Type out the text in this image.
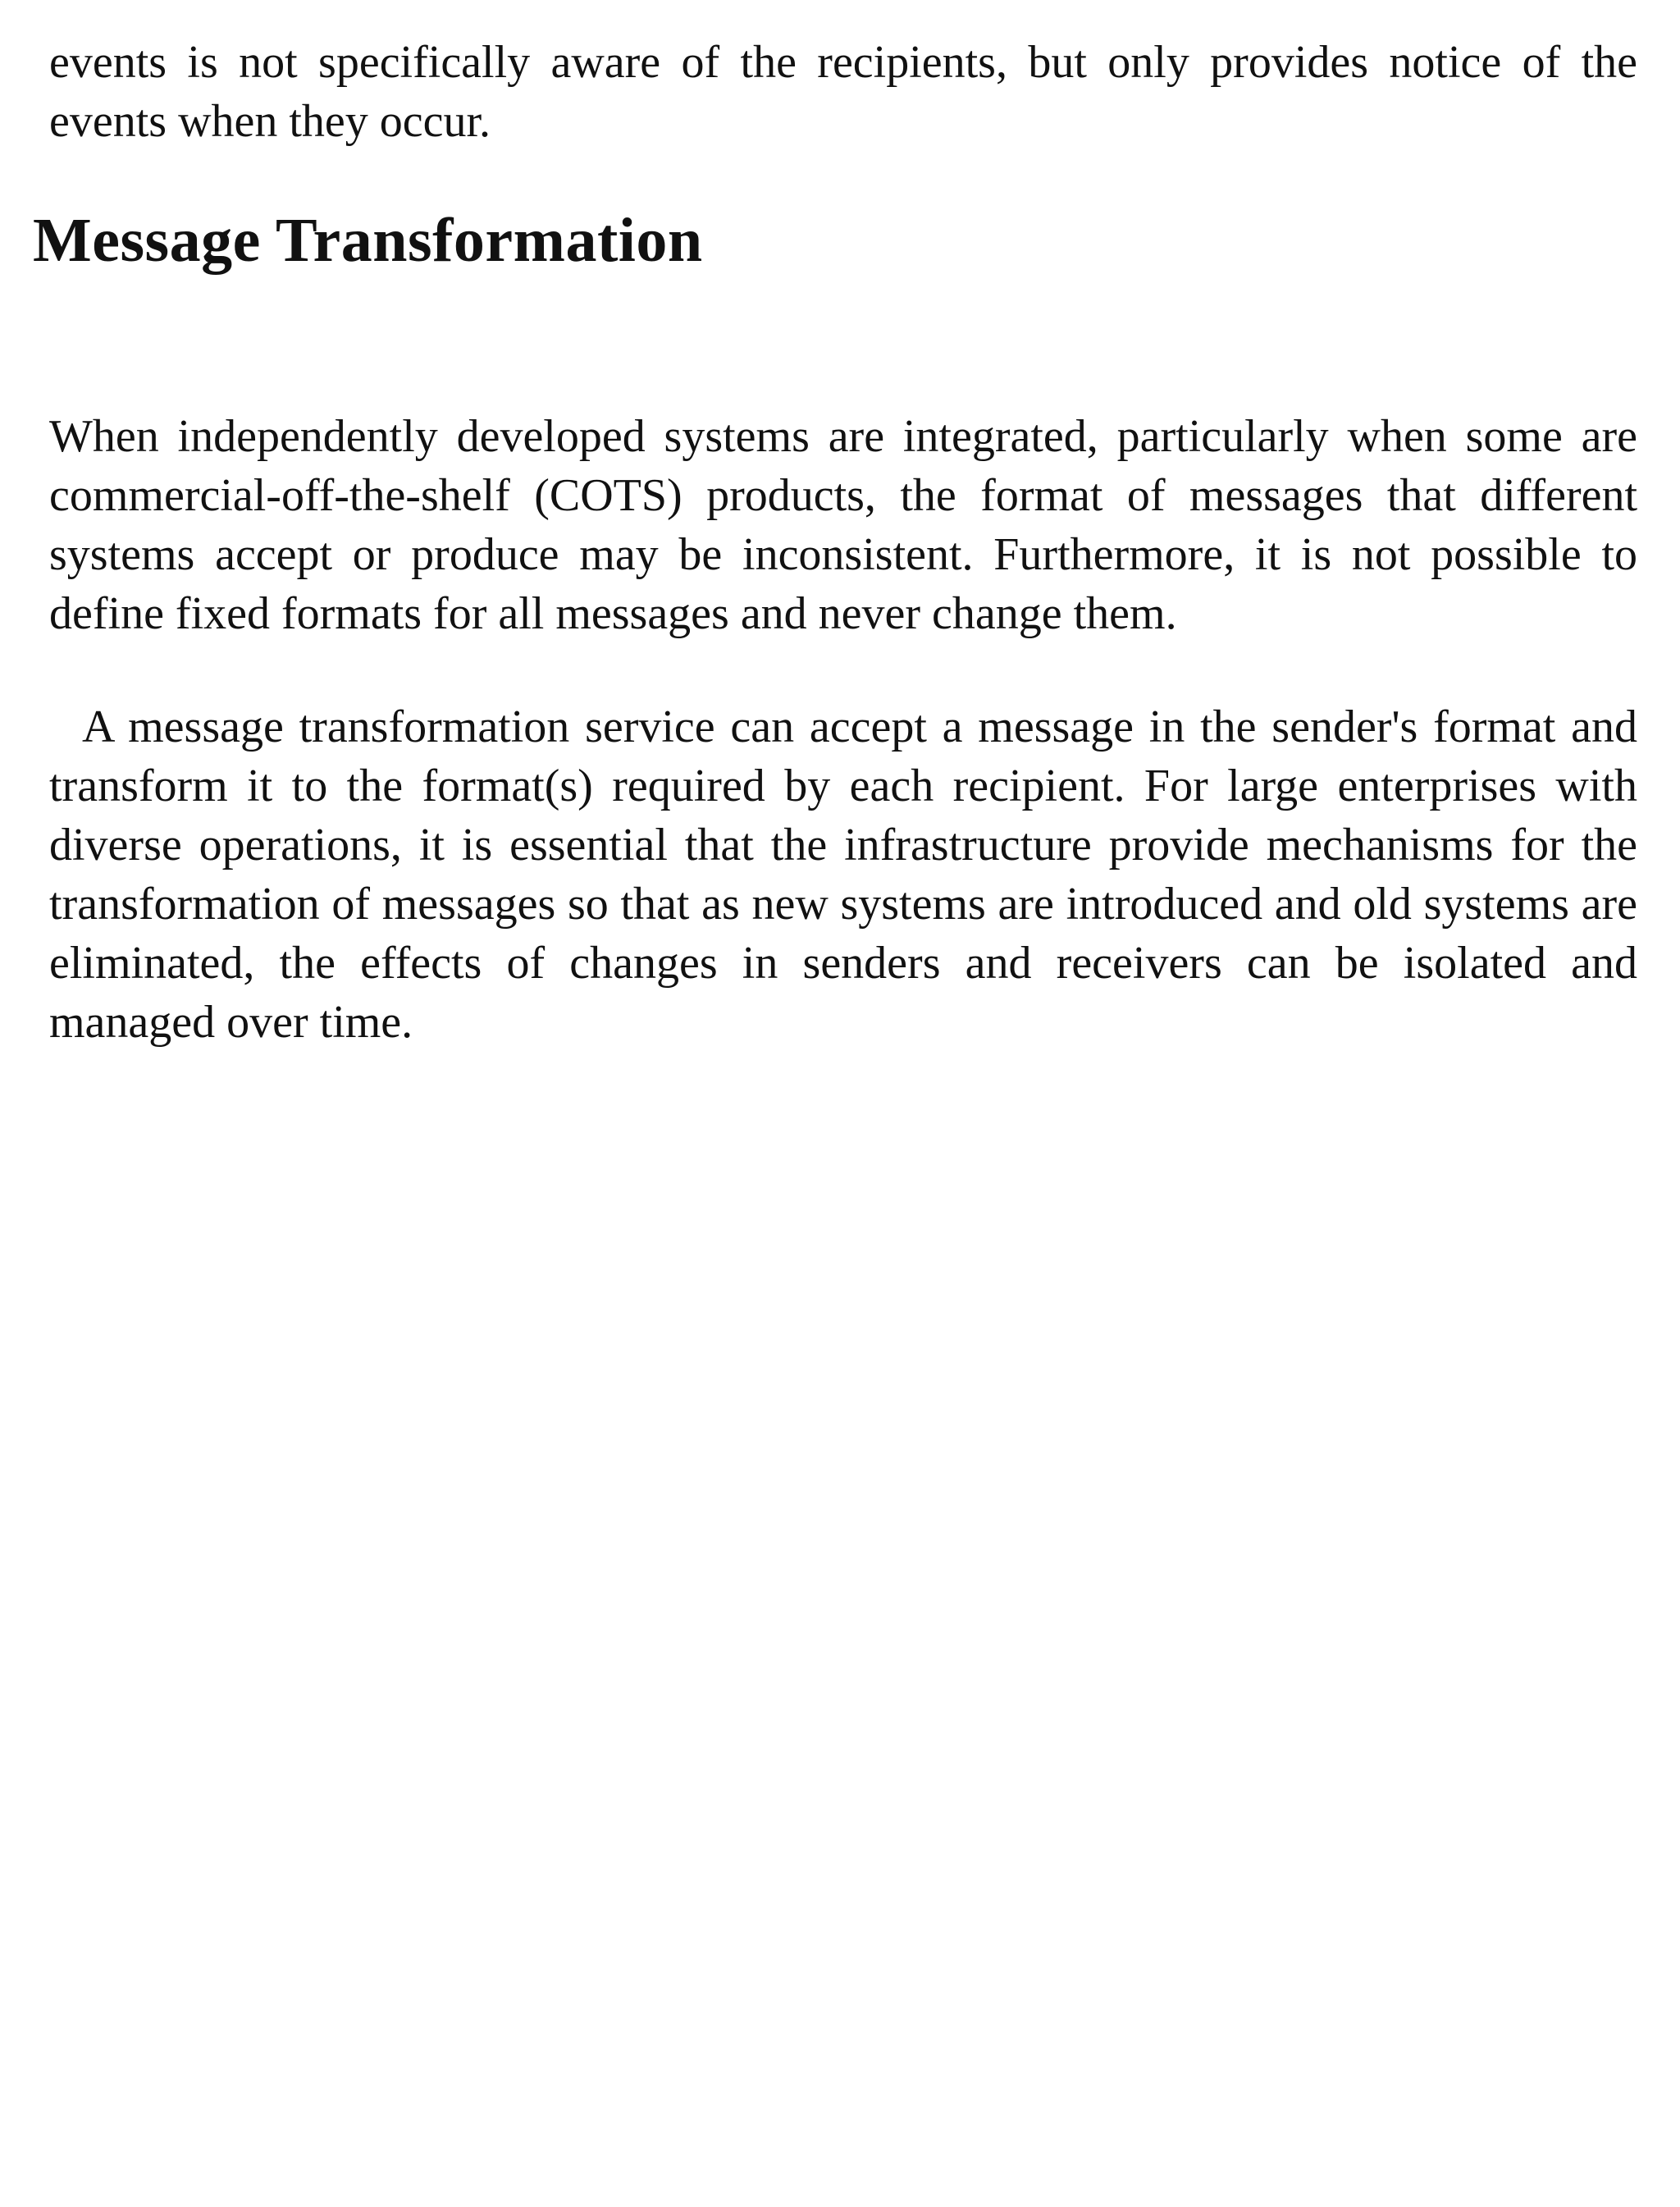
events is not specifically aware of the recipients, but only provides notice of the events when they occur.

Message Transformation

When independently developed systems are integrated, particularly when some are commercial-off-the-shelf (COTS) products, the format of messages that different systems accept or produce may be inconsistent. Furthermore, it is not possible to define fixed formats for all messages and never change them.

A message transformation service can accept a message in the sender's format and transform it to the format(s) required by each recipient. For large enterprises with diverse operations, it is essential that the infrastructure provide mechanisms for the transformation of messages so that as new systems are introduced and old systems are eliminated, the effects of changes in senders and receivers can be isolated and managed over time.
